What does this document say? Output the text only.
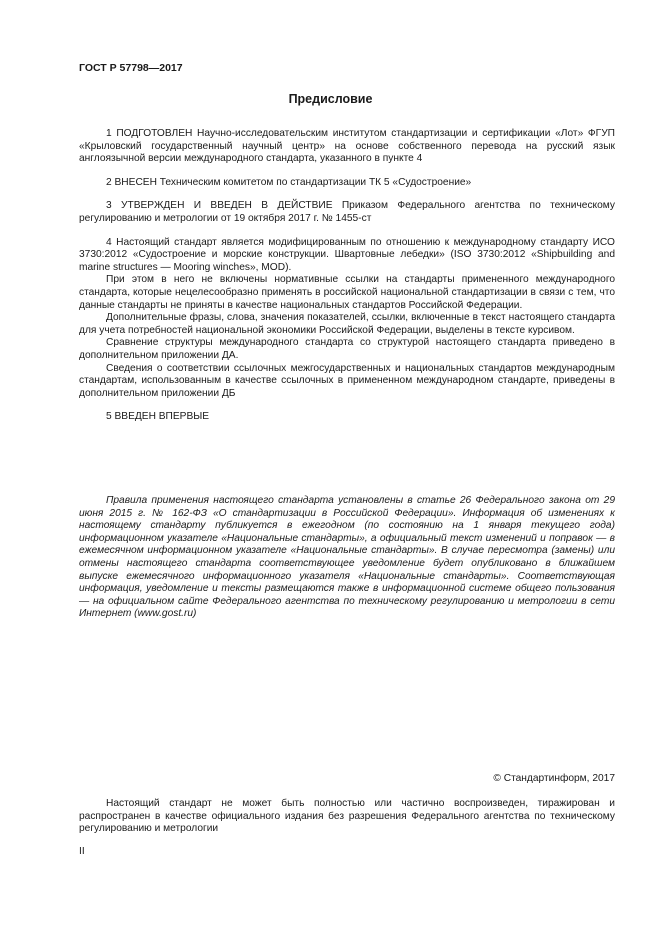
ГОСТ Р 57798—2017
Предисловие

1 ПОДГОТОВЛЕН Научно-исследовательским институтом стандартизации и сертификации «Лот» ФГУП «Крыловский государственный научный центр» на основе собственного перевода на русский язык англоязычной версии международного стандарта, указанного в пункте 4

2 ВНЕСЕН Техническим комитетом по стандартизации ТК 5 «Судостроение»

3 УТВЕРЖДЕН И ВВЕДЕН В ДЕЙСТВИЕ Приказом Федерального агентства по техническому регулированию и метрологии от 19 октября 2017 г. № 1455-ст

4 Настоящий стандарт является модифицированным по отношению к международному стандарту ИСО 3730:2012 «Судостроение и морские конструкции. Швартовные лебедки» (ISO 3730:2012 «Shipbuilding and marine structures — Mooring winches», MOD).

При этом в него не включены нормативные ссылки на стандарты примененного международного стандарта, которые нецелесообразно применять в российской национальной стандартизации в связи с тем, что данные стандарты не приняты в качестве национальных стандартов Российской Федерации.

Дополнительные фразы, слова, значения показателей, ссылки, включенные в текст настоящего стандарта для учета потребностей национальной экономики Российской Федерации, выделены в тексте курсивом.

Сравнение структуры международного стандарта со структурой настоящего стандарта приведено в дополнительном приложении ДА.

Сведения о соответствии ссылочных межгосударственных и национальных стандартов международным стандартам, использованным в качестве ссылочных в примененном международном стандарте, приведены в дополнительном приложении ДБ

5 ВВЕДЕН ВПЕРВЫЕ

Правила применения настоящего стандарта установлены в статье 26 Федерального закона от 29 июня 2015 г. № 162-ФЗ «О стандартизации в Российской Федерации». Информация об изменениях к настоящему стандарту публикуется в ежегодном (по состоянию на 1 января текущего года) информационном указателе «Национальные стандарты», а официальный текст изменений и поправок — в ежемесячном информационном указателе «Национальные стандарты». В случае пересмотра (замены) или отмены настоящего стандарта соответствующее уведомление будет опубликовано в ближайшем выпуске ежемесячного информационного указателя «Национальные стандарты». Соответствующая информация, уведомление и тексты размещаются также в информационной системе общего пользования — на официальном сайте Федерального агентства по техническому регулированию и метрологии в сети Интернет (www.gost.ru)

© Стандартинформ, 2017

Настоящий стандарт не может быть полностью или частично воспроизведен, тиражирован и распространен в качестве официального издания без разрешения Федерального агентства по техническому регулированию и метрологии

II
